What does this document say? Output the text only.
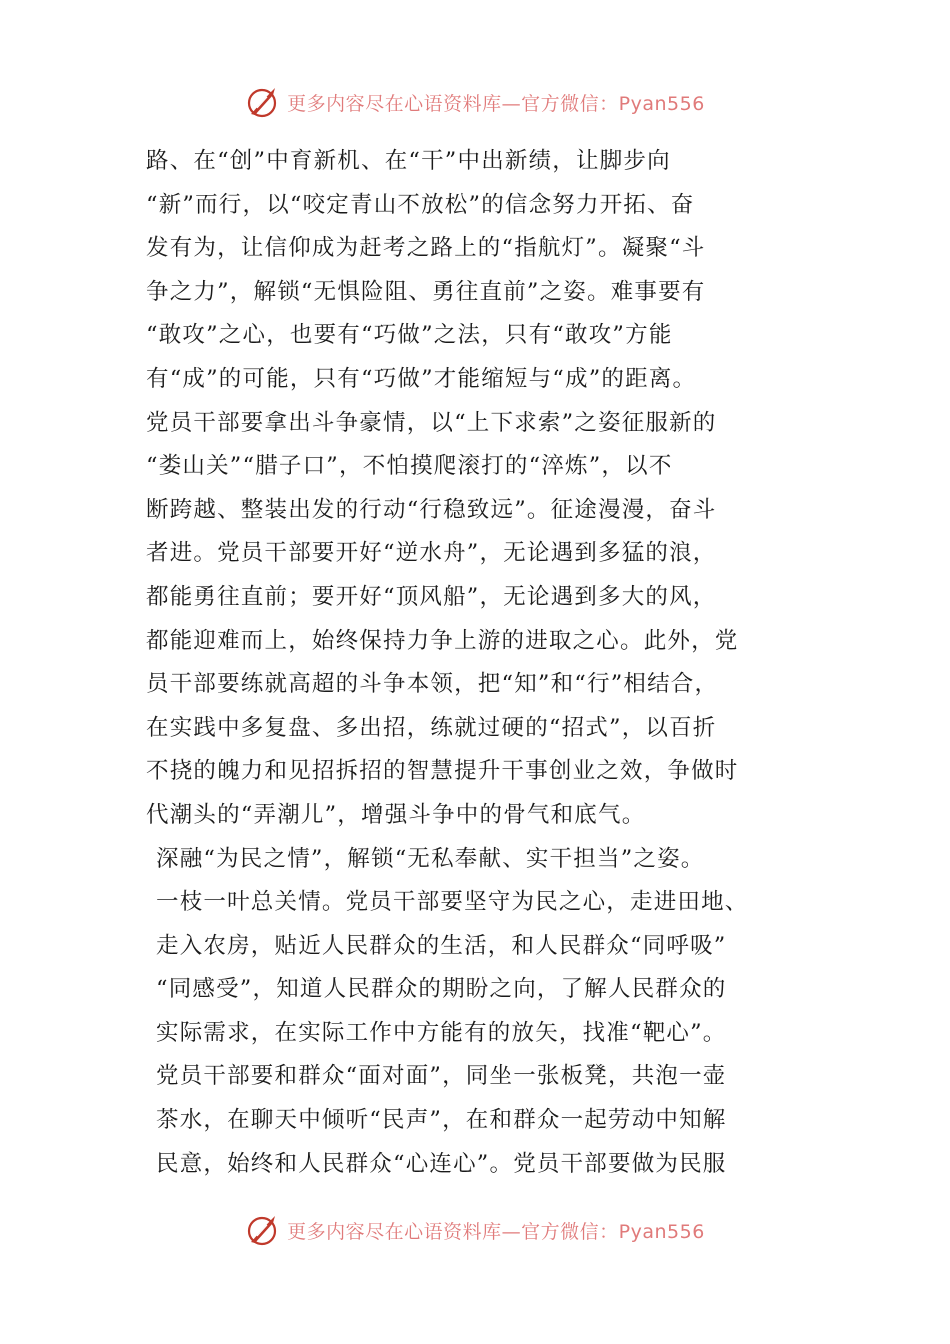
更多内容尽在心语资料库—官方微信：Pyan556
路、在“创”中育新机、在“干”中出新绩，让脚步向
“新”而行，以“咬定青山不放松”的信念努力开拓、奋
发有为，让信仰成为赶考之路上的“指航灯”。凝聚“斗
争之力”，解锁“无惧险阻、勇往直前”之姿。难事要有
“敢攻”之心，也要有“巧做”之法，只有“敢攻”方能
有“成”的可能，只有“巧做”才能缩短与“成”的距离。
党员干部要拿出斗争豪情，以“上下求索”之姿征服新的
“娄山关”“腊子口”，不怕摸爬滚打的“淬炼”，以不
断跨越、整装出发的行动“行稳致远”。征途漫漫，奋斗
者进。党员干部要开好“逆水舟”，无论遇到多猛的浪，
都能勇往直前；要开好“顶风船”，无论遇到多大的风，
都能迎难而上，始终保持力争上游的进取之心。此外，党
员干部要练就高超的斗争本领，把“知”和“行”相结合，
在实践中多复盘、多出招，练就过硬的“招式”，以百折
不挠的魄力和见招拆招的智慧提升干事创业之效，争做时
代潮头的“弄潮儿”，增强斗争中的骨气和底气。
深融“为民之情”，解锁“无私奉献、实干担当”之姿。
一枝一叶总关情。党员干部要坚守为民之心，走进田地、
走入农房，贴近人民群众的生活，和人民群众“同呼吸”
“同感受”，知道人民群众的期盼之向，了解人民群众的
实际需求，在实际工作中方能有的放矢，找准“靶心”。
党员干部要和群众“面对面”，同坐一张板凳，共泡一壶
茶水，在聊天中倾听“民声”，在和群众一起劳动中知解
民意，始终和人民群众“心连心”。党员干部要做为民服
更多内容尽在心语资料库—官方微信：Pyan556
